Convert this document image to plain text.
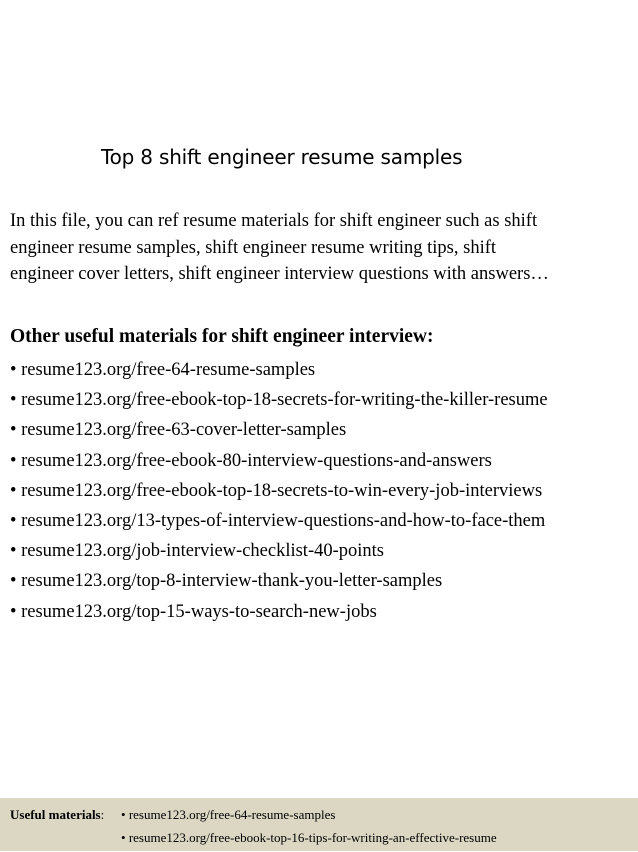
Top 8 shift engineer resume samples
In this file, you can ref resume materials for shift engineer such as shift
engineer resume samples, shift engineer resume writing tips, shift
engineer cover letters, shift engineer interview questions with answers…
Other useful materials for shift engineer interview:
• resume123.org/free-64-resume-samples
• resume123.org/free-ebook-top-18-secrets-for-writing-the-killer-resume
• resume123.org/free-63-cover-letter-samples
• resume123.org/free-ebook-80-interview-questions-and-answers
• resume123.org/free-ebook-top-18-secrets-to-win-every-job-interviews
• resume123.org/13-types-of-interview-questions-and-how-to-face-them
• resume123.org/job-interview-checklist-40-points
• resume123.org/top-8-interview-thank-you-letter-samples
• resume123.org/top-15-ways-to-search-new-jobs
Useful materials:
•	resume123.org/free-64-resume-samples
• resume123.org/free-ebook-top-16-tips-for-writing-an-effective-resume
